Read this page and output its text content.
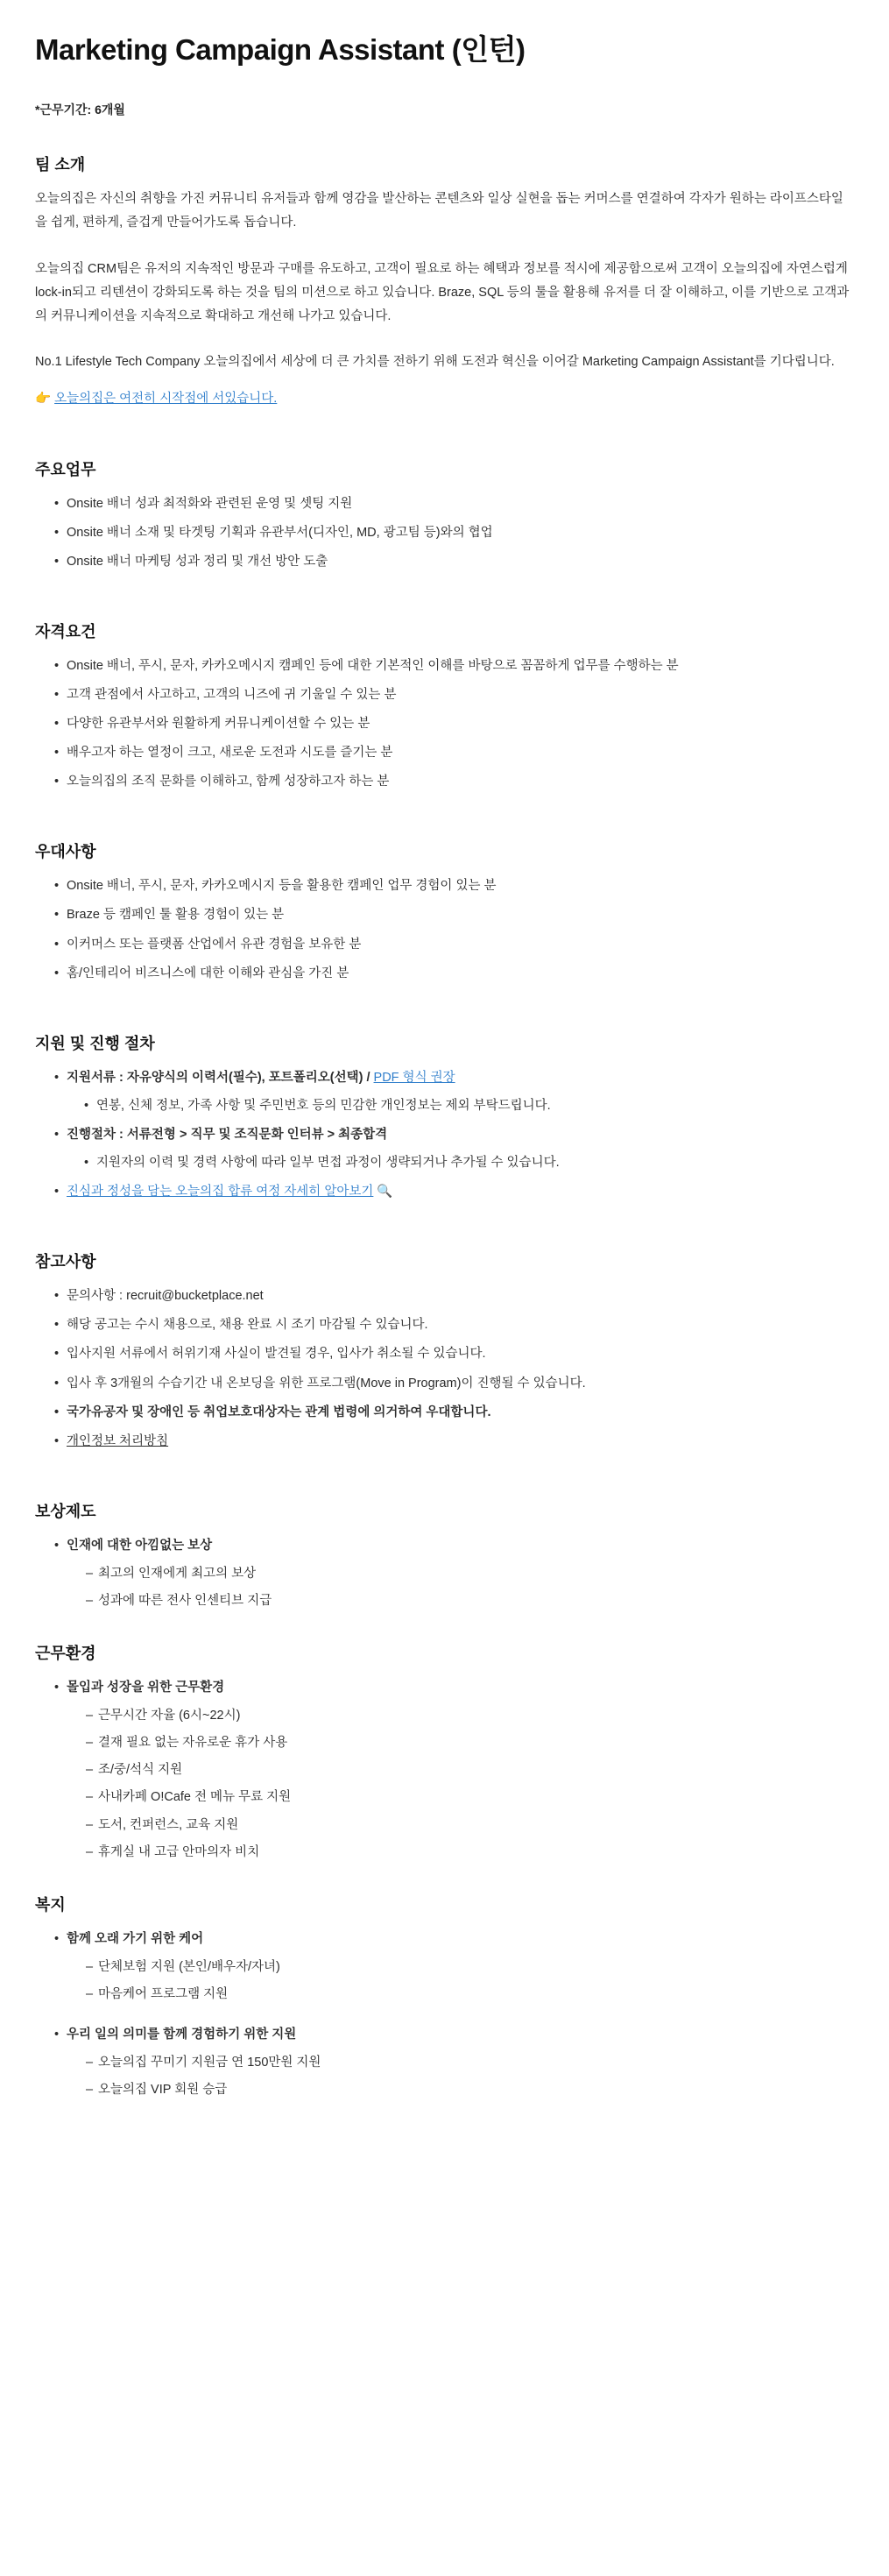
Marketing Campaign Assistant (인턴)
*근무기간: 6개월
팀 소개

오늘의집은 자신의 취향을 가진 커뮤니티 유저들과 함께 영감을 발산하는 콘텐츠와 일상 실현을 돕는 커머스를 연결하여 각자가 원하는 라이프스타일을 쉽게, 편하게, 즐겁게 만들어가도록 돕습니다.

오늘의집 CRM팀은 유저의 지속적인 방문과 구매를 유도하고, 고객이 필요로 하는 혜택과 정보를 적시에 제공함으로써 고객이 오늘의집에 자연스럽게 lock-in되고 리텐션이 강화되도록 하는 것을 팀의 미션으로 하고 있습니다. Braze, SQL 등의 툴을 활용해 유저를 더 잘 이해하고, 이를 기반으로 고객과의 커뮤니케이션을 지속적으로 확대하고 개선해 나가고 있습니다.

No.1 Lifestyle Tech Company 오늘의집에서 세상에 더 큰 가치를 전하기 위해 도전과 혁신을 이어갈 Marketing Campaign Assistant를 기다립니다.

👉 오늘의집은 여전히 시작점에 서있습니다.
주요업무
• Onsite 배너 성과 최적화와 관련된 운영 및 셋팅 지원
• Onsite 배너 소재 및 타겟팅 기획과 유관부서(디자인, MD, 광고팀 등)와의 협업
• Onsite 배너 마케팅 성과 정리 및 개선 방안 도출
자격요건
• Onsite 배너, 푸시, 문자, 카카오메시지 캠페인 등에 대한 기본적인 이해를 바탕으로 꼼꼼하게 업무를 수행하는 분
• 고객 관점에서 사고하고, 고객의 니즈에 귀 기울일 수 있는 분
• 다양한 유관부서와 원활하게 커뮤니케이션할 수 있는 분
• 배우고자 하는 열정이 크고, 새로운 도전과 시도를 즐기는 분
• 오늘의집의 조직 문화를 이해하고, 함께 성장하고자 하는 분
우대사항
• Onsite 배너, 푸시, 문자, 카카오메시지 등을 활용한 캠페인 업무 경험이 있는 분
• Braze 등 캠페인 툴 활용 경험이 있는 분
• 이커머스 또는 플랫폼 산업에서 유관 경험을 보유한 분
• 홈/인테리어 비즈니스에 대한 이해와 관심을 가진 분
지원 및 진행 절차
• 지원서류 : 자유양식의 이력서(필수), 포트폴리오(선택) / PDF 형식 권장
• 연봉, 신체 정보, 가족 사항 및 주민번호 등의 민감한 개인정보는 제외 부탁드립니다.
• 진행절차 : 서류전형 > 직무 및 조직문화 인터뷰 > 최종합격
• 지원자의 이력 및 경력 사항에 따라 일부 면접 과정이 생략되거나 추가될 수 있습니다.
• 진심과 정성을 담는 오늘의집 합류 여정 자세히 알아보기 🔍
참고사항
• 문의사항 : recruit@bucketplace.net
• 해당 공고는 수시 채용으로, 채용 완료 시 조기 마감될 수 있습니다.
• 입사지원 서류에서 허위기재 사실이 발견될 경우, 입사가 취소될 수 있습니다.
• 입사 후 3개월의 수습기간 내 온보딩을 위한 프로그램(Move in Program)이 진행될 수 있습니다.
• 국가유공자 및 장애인 등 취업보호대상자는 관계 법령에 의거하여 우대합니다.
• 개인정보 처리방침
보상제도
• 인재에 대한 아낌없는 보상
– 최고의 인재에게 최고의 보상
– 성과에 따른 전사 인센티브 지급
근무환경
• 몰입과 성장을 위한 근무환경
– 근무시간 자율 (6시~22시)
– 결재 필요 없는 자유로운 휴가 사용
– 조/중/석식 지원
– 사내카페 O!Cafe 전 메뉴 무료 지원
– 도서, 컨퍼런스, 교육 지원
– 휴게실 내 고급 안마의자 비치
복지
• 함께 오래 가기 위한 케어
– 단체보험 지원 (본인/배우자/자녀)
– 마음케어 프로그램 지원
• 우리 일의 의미를 함께 경험하기 위한 지원
– 오늘의집 꾸미기 지원금 연 150만원 지원
– 오늘의집 VIP 회원 승급
